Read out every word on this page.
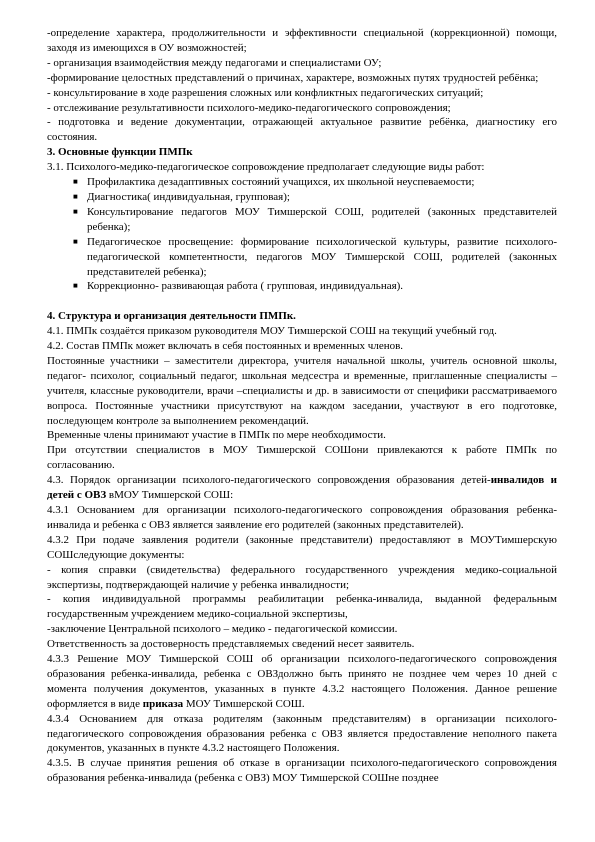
-определение характера, продолжительности и эффективности специальной (коррекционной) помощи, заходя из имеющихся в ОУ возможностей;

- организация взаимодействия между педагогами и специалистами ОУ;

-формирование целостных представлений о причинах, характере, возможных путях трудностей ребёнка;

- консультирование в ходе разрешения сложных или конфликтных педагогических ситуаций;

- отслеживание результативности психолого-медико-педагогического сопровождения;

- подготовка и ведение документации, отражающей актуальное развитие ребёнка, диагностику его состояния.

3. Основные функции ПМПк

3.1. Психолого-медико-педагогическое сопровождение предполагает следующие виды работ:

■ Профилактика дезадаптивных состояний учащихся, их школьной неуспеваемости;
■ Диагностика( индивидуальная, групповая);
■ Консультирование педагогов МОУ Тимшерской СОШ, родителей (законных представителей ребенка);
■ Педагогическое просвещение: формирование психологической культуры, развитие психолого-педагогической компетентности, педагогов МОУ Тимшерской СОШ, родителей (законных представителей ребенка);
■ Коррекционно- развивающая работа ( групповая, индивидуальная).

4. Структура и организация деятельности ПМПк.

4.1. ПМПк создаётся приказом руководителя МОУ Тимшерской СОШ на текущий учебный год.

4.2. Состав ПМПк может включать в себя постоянных и временных членов.

Постоянные участники – заместители директора, учителя начальной школы, учитель основной школы, педагог- психолог, социальный педагог, школьная медсестра и временные, приглашенные специалисты –учителя, классные руководители, врачи –специалисты и др. в зависимости от специфики рассматриваемого вопроса. Постоянные участники присутствуют на каждом заседании, участвуют в его подготовке, последующем контроле за выполнением рекомендаций.

Временные члены принимают участие в ПМПк по мере необходимости.

При отсутствии специалистов в МОУ Тимшерской СОШони привлекаются к работе ПМПк по согласованию.

4.3. Порядок организации психолого-педагогического сопровождения образования детей-инвалидов и детей с ОВЗ вМОУ Тимшерской СОШ:

4.3.1 Основанием для организации психолого-педагогического сопровождения образования ребенка-инвалида и ребенка с ОВЗ является заявление его родителей (законных представителей).

4.3.2 При подаче заявления родители (законные представители) предоставляют в МОУТимшерскую СОШследующие документы:

- копия справки (свидетельства) федерального государственного учреждения медико-социальной экспертизы, подтверждающей наличие у ребенка инвалидности;

- копия индивидуальной программы реабилитации ребенка-инвалида, выданной федеральным государственным учреждением медико-социальной экспертизы,

-заключение Центральной психолого – медико - педагогической комиссии.

Ответственность за достоверность представляемых сведений несет заявитель.

4.3.3 Решение МОУ Тимшерской СОШ об организации психолого-педагогического сопровождения образования ребенка-инвалида, ребенка с ОВЗдолжно быть принято не позднее чем через 10 дней с момента получения документов, указанных в пункте 4.3.2 настоящего Положения. Данное решение оформляется в виде приказа МОУ Тимшерской СОШ.

4.3.4 Основанием для отказа родителям (законным представителям) в организации психолого-педагогического сопровождения образования ребенка с ОВЗ является предоставление неполного пакета документов, указанных в пункте 4.3.2 настоящего Положения.

4.3.5. В случае принятия решения об отказе в организации психолого-педагогического сопровождения образования ребенка-инвалида (ребенка с ОВЗ) МОУ Тимшерской СОШне позднее
